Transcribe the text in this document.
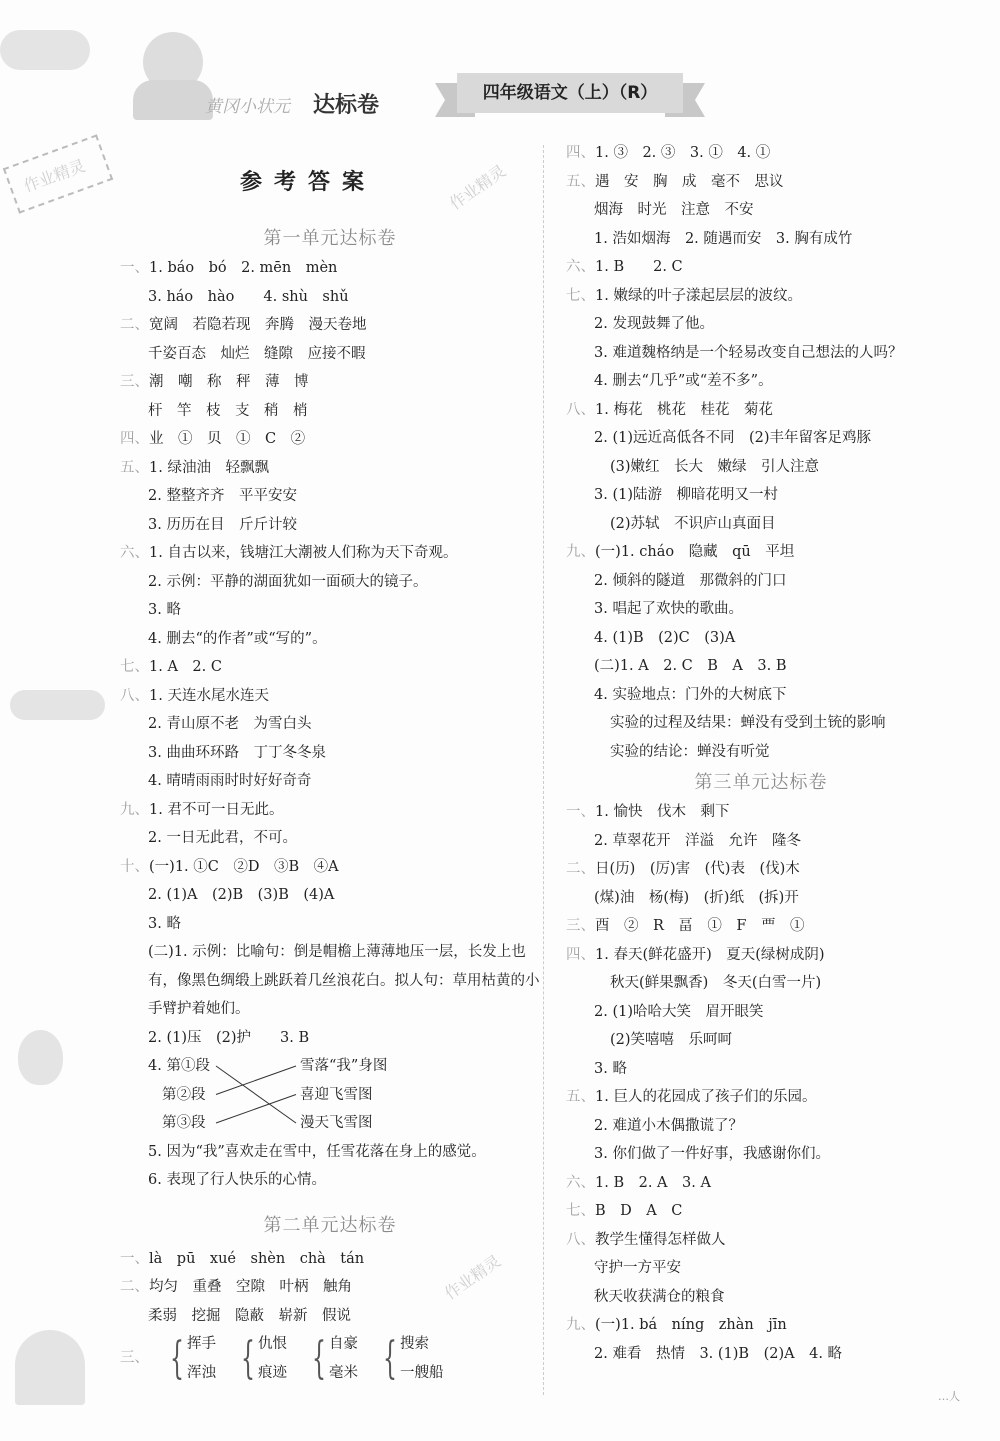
黄冈小状元 达标卷	四年级语文（上）（R）
参考答案	作业精灵
作业精灵
作业精灵
第一单元达标卷
一、1. báo　bó　2. mēn　mèn
3. háo　hào　　4. shù　shǔ
二、宽阔　若隐若现　奔腾　漫天卷地
千姿百态　灿烂　缝隙　应接不暇
三、潮　嘲　称　秤　薄　博
杆　竿　枝　支　稍　梢
四、业　①　贝　①　C　②
五、1. 绿油油　轻飘飘
2. 整整齐齐　平平安安
3. 历历在目　斤斤计较
六、1. 自古以来，钱塘江大潮被人们称为天下奇观。
2. 示例：平静的湖面犹如一面硕大的镜子。
3. 略
4. 删去“的作者”或“写的”。
七、1. A　2. C
八、1. 天连水尾水连天
2. 青山原不老　为雪白头
3. 曲曲环环路　丁丁冬冬泉
4. 晴晴雨雨时时好好奇奇
九、1. 君不可一日无此。
2. 一日无此君，不可。
十、(一)1. ①C　②D　③B　④A
2. (1)A　(2)B　(3)B　(4)A
3. 略
(二)1. 示例：比喻句：倒是帽檐上薄薄地压一层，长发上也有，像黑色绸缎上跳跃着几丝浪花白。拟人句：草用枯黄的小手臂护着她们。
2. (1)压　(2)护　　3. B
4. 第①段
第②段
第③段
雪落“我”身图
喜迎飞雪图
漫天飞雪图
5. 因为“我”喜欢走在雪中，任雪花落在身上的感觉。
6. 表现了行人快乐的心情。
第二单元达标卷
一、là　pū　xué　shèn　chà　tán
二、均匀　重叠　空隙　叶柄　触角
柔弱　挖掘　隐蔽　崭新　假说
三、 { 挥手
浑浊 { 仇恨
痕迹 { 自豪
毫米 { 搜索
一艘船
四、1. ③　2. ③　3. ①　4. ①
五、遇　安　胸　成　毫不　思议
烟海　时光　注意　不安
1. 浩如烟海　2. 随遇而安　3. 胸有成竹
六、1. B　　2. C
七、1. 嫩绿的叶子漾起层层的波纹。
2. 发现鼓舞了他。
3. 难道魏格纳是一个轻易改变自己想法的人吗？
4. 删去“几乎”或“差不多”。
八、1. 梅花　桃花　桂花　菊花
2. (1)远近高低各不同　(2)丰年留客足鸡豚
(3)嫩红　长大　嫩绿　引人注意
3. (1)陆游　柳暗花明又一村
(2)苏轼　不识庐山真面目
九、(一)1. cháo　隐藏　qū　平坦
2. 倾斜的隧道　那微斜的门口
3. 唱起了欢快的歌曲。
4. (1)B　(2)C　(3)A
(二)1. A　2. C　B　A　3. B
4. 实验地点：门外的大树底下
实验的过程及结果：蝉没有受到土铳的影响
实验的结论：蝉没有听觉
第三单元达标卷
一、1. 愉快　伐木　剩下
2. 草翠花开　洋溢　允许　隆冬
二、日(历)　(厉)害　(代)表　(伐)木
(煤)油　杨(梅)　(折)纸　(拆)开
三、酉　②　R　畐　①　F　覀　①
四、1. 春天(鲜花盛开)　夏天(绿树成阴)
秋天(鲜果飘香)　冬天(白雪一片)
2. (1)哈哈大笑　眉开眼笑
(2)笑嘻嘻　乐呵呵
3. 略
五、1. 巨人的花园成了孩子们的乐园。
2. 难道小木偶撒谎了？
3. 你们做了一件好事，我感谢你们。
六、1. B　2. A　3. A
七、B　D　A　C
八、教学生懂得怎样做人
守护一方平安
秋天收获满仓的粮食
九、(一)1. bá　níng　zhàn　jīn
2. 难看　热情　3. (1)B　(2)A　4. 略
…人
